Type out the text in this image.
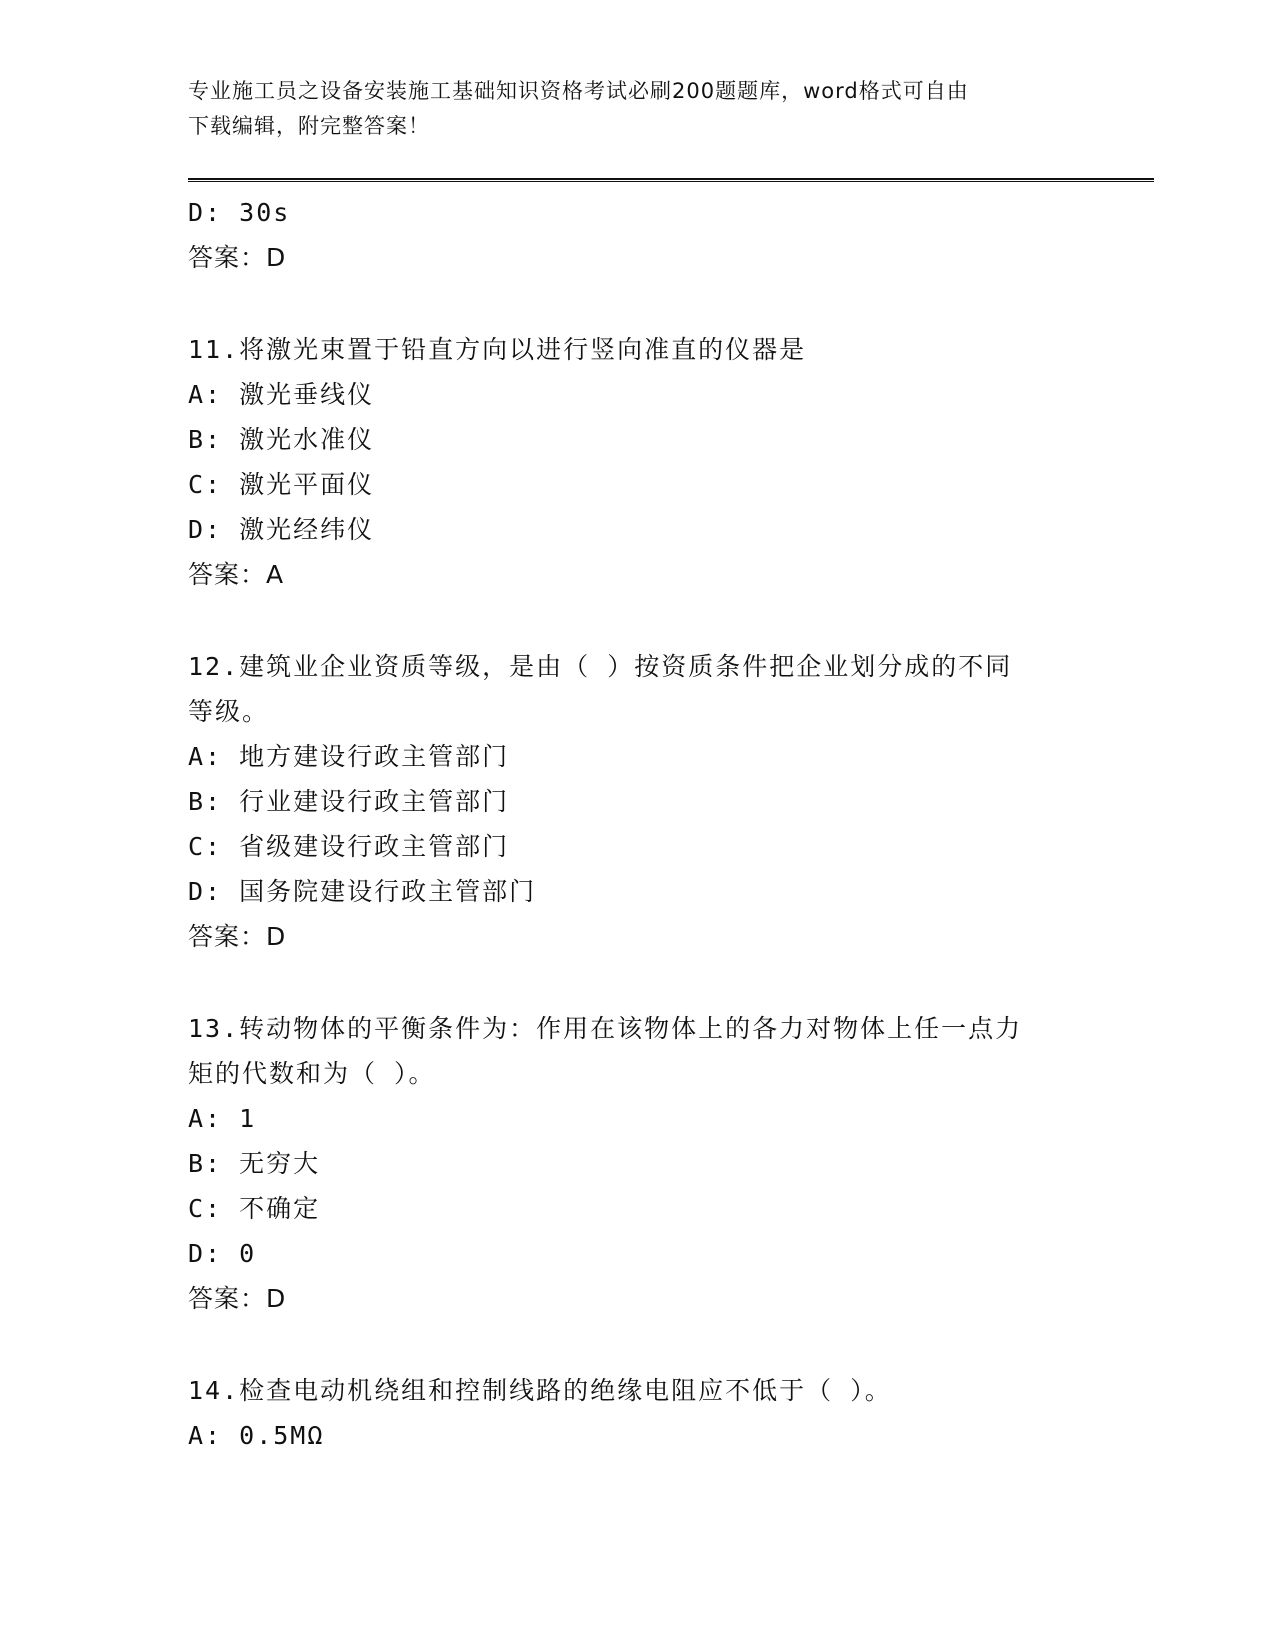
专业施工员之设备安装施工基础知识资格考试必刷200题题库，word格式可自由
下载编辑，附完整答案！
D: 30s
答案：D
11.将激光束置于铅直方向以进行竖向准直的仪器是
A: 激光垂线仪
B: 激光水准仪
C: 激光平面仪
D: 激光经纬仪
答案：A
12.建筑业企业资质等级，是由（ ）按资质条件把企业划分成的不同
等级。
A: 地方建设行政主管部门
B: 行业建设行政主管部门
C: 省级建设行政主管部门
D: 国务院建设行政主管部门
答案：D
13.转动物体的平衡条件为：作用在该物体上的各力对物体上任一点力
矩的代数和为（ ）。
A: 1
B: 无穷大
C: 不确定
D: 0
答案：D
14.检查电动机绕组和控制线路的绝缘电阻应不低于（ ）。
A: 0.5MΩ
